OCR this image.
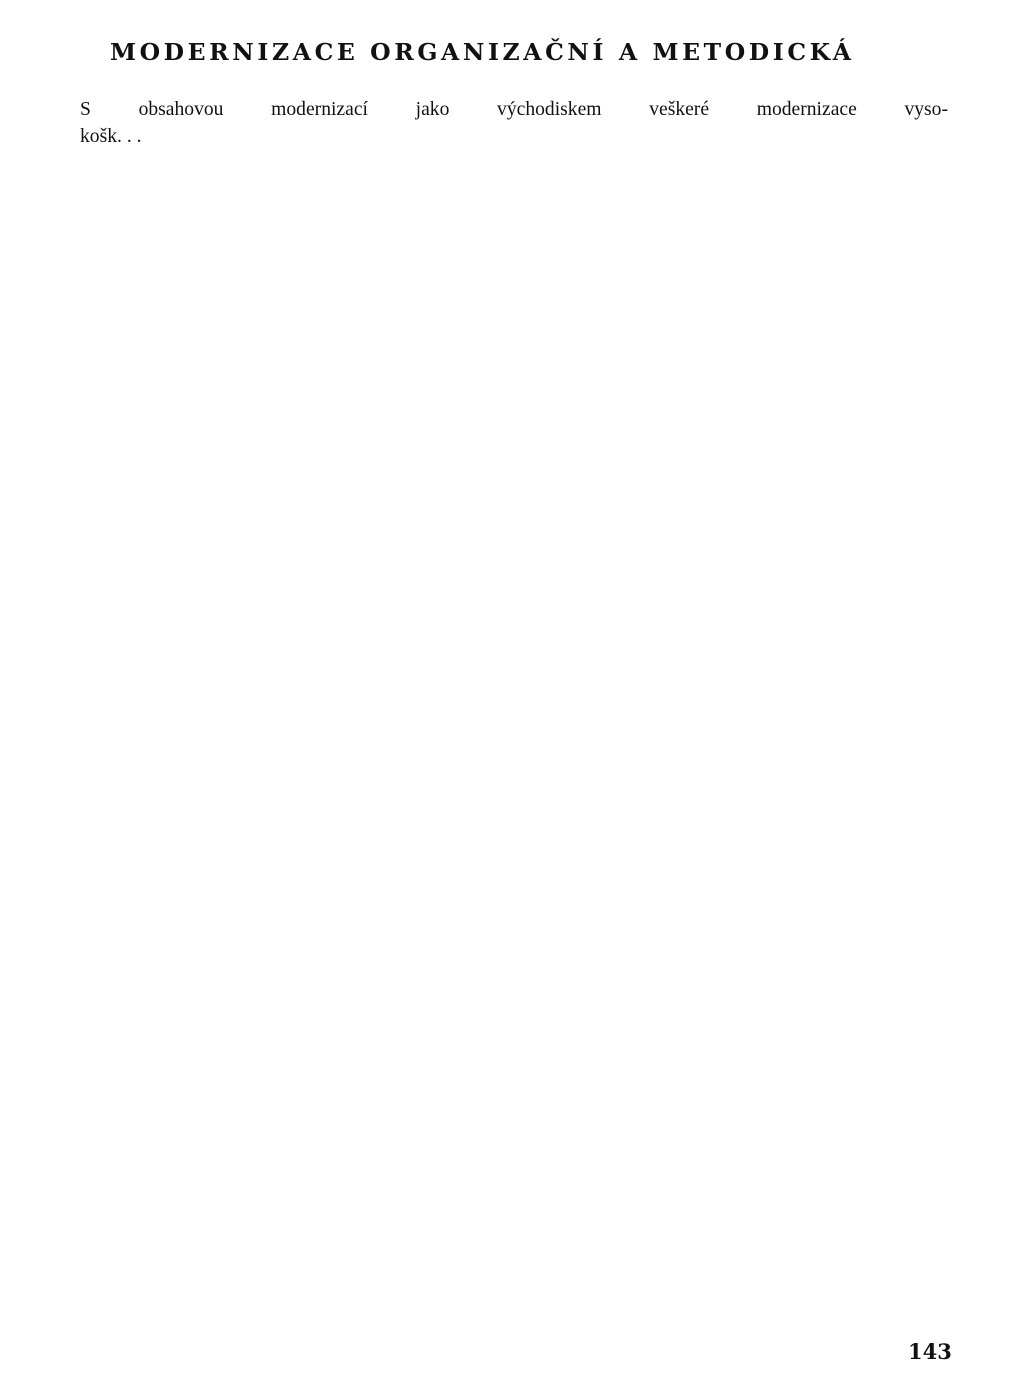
MODERNIZACE ORGANIZAČNÍ A METODICKÁ
S obsahovou modernizací jako východiskem veškeré modernizace vyso-
košk. . .
143
